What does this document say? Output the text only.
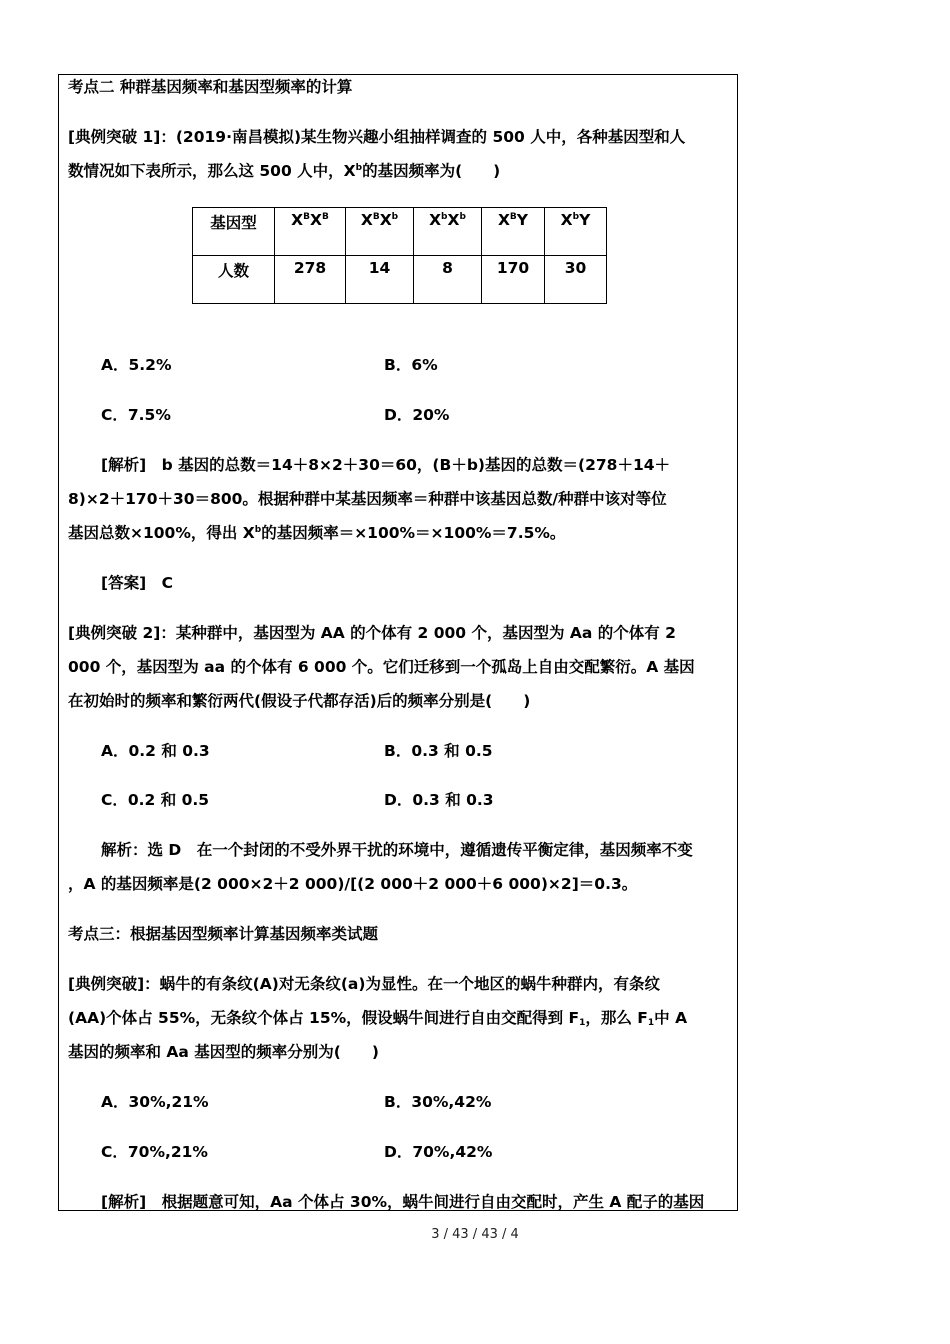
考点二 种群基因频率和基因型频率的计算
[典例突破 1]：(2019·南昌模拟)某生物兴趣小组抽样调查的 500 人中，各种基因型和人
数情况如下表所示，那么这 500 人中，$X^b$的基因频率为(　　)
基因型	$X^BX^B$	$X^BX^b$	$X^bX^b$	$X^BY$	$X^bY$
人数	278	14	8	170	30
A．5.2%	B．6%
C．7.5%	D．20%
[解析]　b 基因的总数＝14＋8×2＋30＝60，(B＋b)基因的总数＝(278＋14＋
8)×2＋170＋30＝800。根据种群中某基因频率＝种群中该基因总数/种群中该对等位
基因总数×100%，得出 $X^b$的基因频率＝×100%＝×100%＝7.5%。
[答案]　C
[典例突破 2]：某种群中，基因型为 AA 的个体有 2 000 个，基因型为 Aa 的个体有 2
000 个，基因型为 aa 的个体有 6 000 个。它们迁移到一个孤岛上自由交配繁衍。A 基因
在初始时的频率和繁衍两代(假设子代都存活)后的频率分别是(　　)
A．0.2 和 0.3	B．0.3 和 0.5
C．0.2 和 0.5	D．0.3 和 0.3
解析：选 D　在一个封闭的不受外界干扰的环境中，遵循遗传平衡定律，基因频率不变
，A 的基因频率是(2 000×2＋2 000)/[(2 000＋2 000＋6 000)×2]＝0.3。
考点三：根据基因型频率计算基因频率类试题
[典例突破]：蜗牛的有条纹(A)对无条纹(a)为显性。在一个地区的蜗牛种群内，有条纹
(AA)个体占 55%，无条纹个体占 15%，假设蜗牛间进行自由交配得到 $F_1$，那么 $F_1$中 A
基因的频率和 Aa 基因型的频率分别为(　　)
A．30%,21%	B．30%,42%
C．70%,21%	D．70%,42%
[解析]　根据题意可知，Aa 个体占 30%，蜗牛间进行自由交配时，产生 A 配子的基因
3 / 43 / 43 / 4
